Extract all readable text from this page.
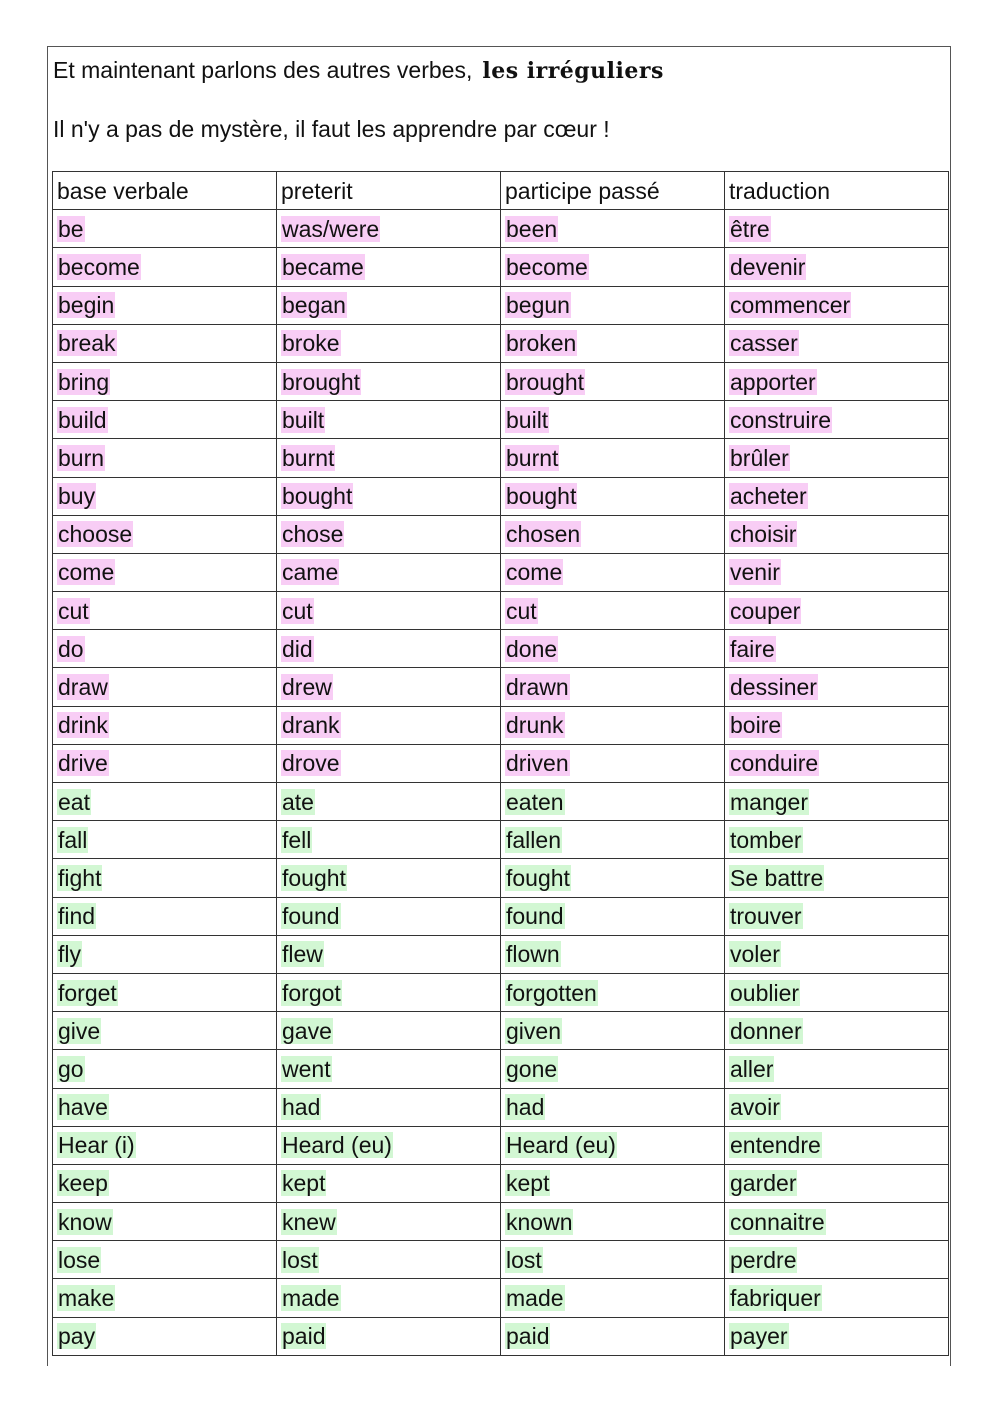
Et maintenant parlons des autres verbes, les irréguliers
Il n'y a pas de mystère, il faut les apprendre par cœur !
base verbale	preterit	participe passé	traduction
be	was/were	been	être
become	became	become	devenir
begin	began	begun	commencer
break	broke	broken	casser
bring	brought	brought	apporter
build	built	built	construire
burn	burnt	burnt	brûler
buy	bought	bought	acheter
choose	chose	chosen	choisir
come	came	come	venir
cut	cut	cut	couper
do	did	done	faire
draw	drew	drawn	dessiner
drink	drank	drunk	boire
drive	drove	driven	conduire
eat	ate	eaten	manger
fall	fell	fallen	tomber
fight	fought	fought	Se battre
find	found	found	trouver
fly	flew	flown	voler
forget	forgot	forgotten	oublier
give	gave	given	donner
go	went	gone	aller
have	had	had	avoir
Hear (i)	Heard (eu)	Heard (eu)	entendre
keep	kept	kept	garder
know	knew	known	connaitre
lose	lost	lost	perdre
make	made	made	fabriquer
pay	paid	paid	payer
